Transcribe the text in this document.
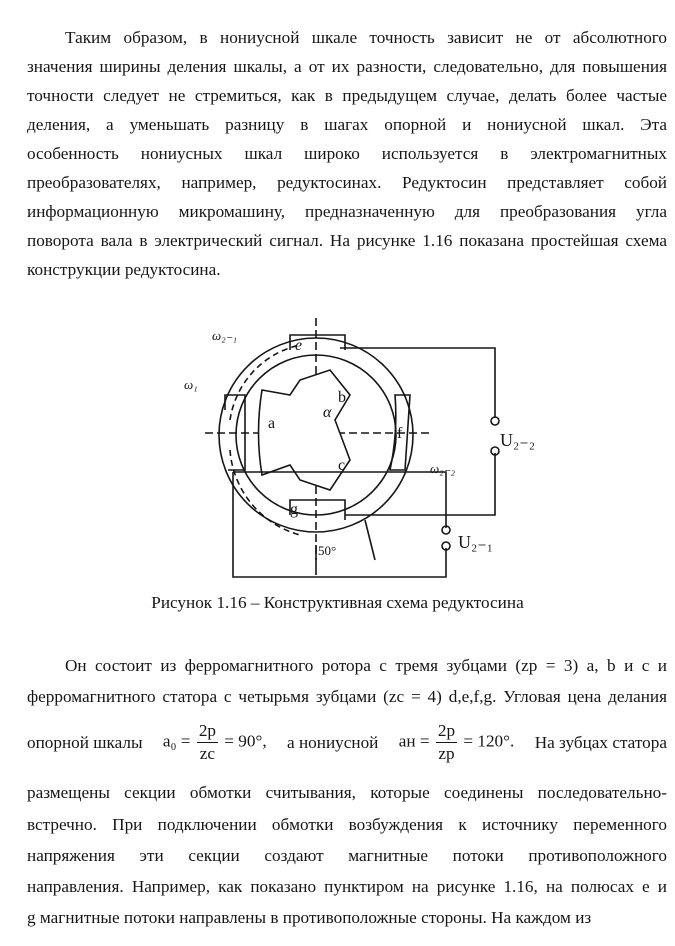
Таким образом, в нониусной шкале точность зависит не от абсолютного
значения ширины деления шкалы, а от их разности, следовательно, для повышения
точности следует не стремиться, как в предыдущем случае, делать более частые
деления, а уменьшать разницу в шагах опорной и нониусной шкал. Эта
особенность нониусных шкал широко используется в электромагнитных
преобразователях, например, редуктосинах. Редуктосин представляет собой
информационную микромашину, предназначенную для преобразования угла
поворота вала в электрический сигнал. На рисунке 1.16 показана простейшая схема
конструкции редуктосина.
a
b
c
f
e
g
α
ω₁
ω₂₋₁
ω₂₋₂
U₂₋₂
U₂₋₁
50°
Рисунок 1.16 – Конструктивная схема редуктосина
Он состоит из ферромагнитного ротора с тремя зубцами (zр = 3) a, b и с и
ферромагнитного статора с четырьмя зубцами (zс = 4) d,e,f,g. Угловая цена делания
опорной шкалы $a_0 = \frac{2p}{zс} = 90^\circ$, а нониусной aн = $\frac{2p}{zр} = 120^\circ$. На зубцах статора
размещены секции обмотки считывания, которые соединены последовательно-
встречно. При подключении обмотки возбуждения к источнику переменного
напряжения эти секции создают магнитные потоки противоположного
направления. Например, как показано пунктиром на рисунке 1.16, на полюсах е и
g магнитные потоки направлены в противоположные стороны. На каждом из
